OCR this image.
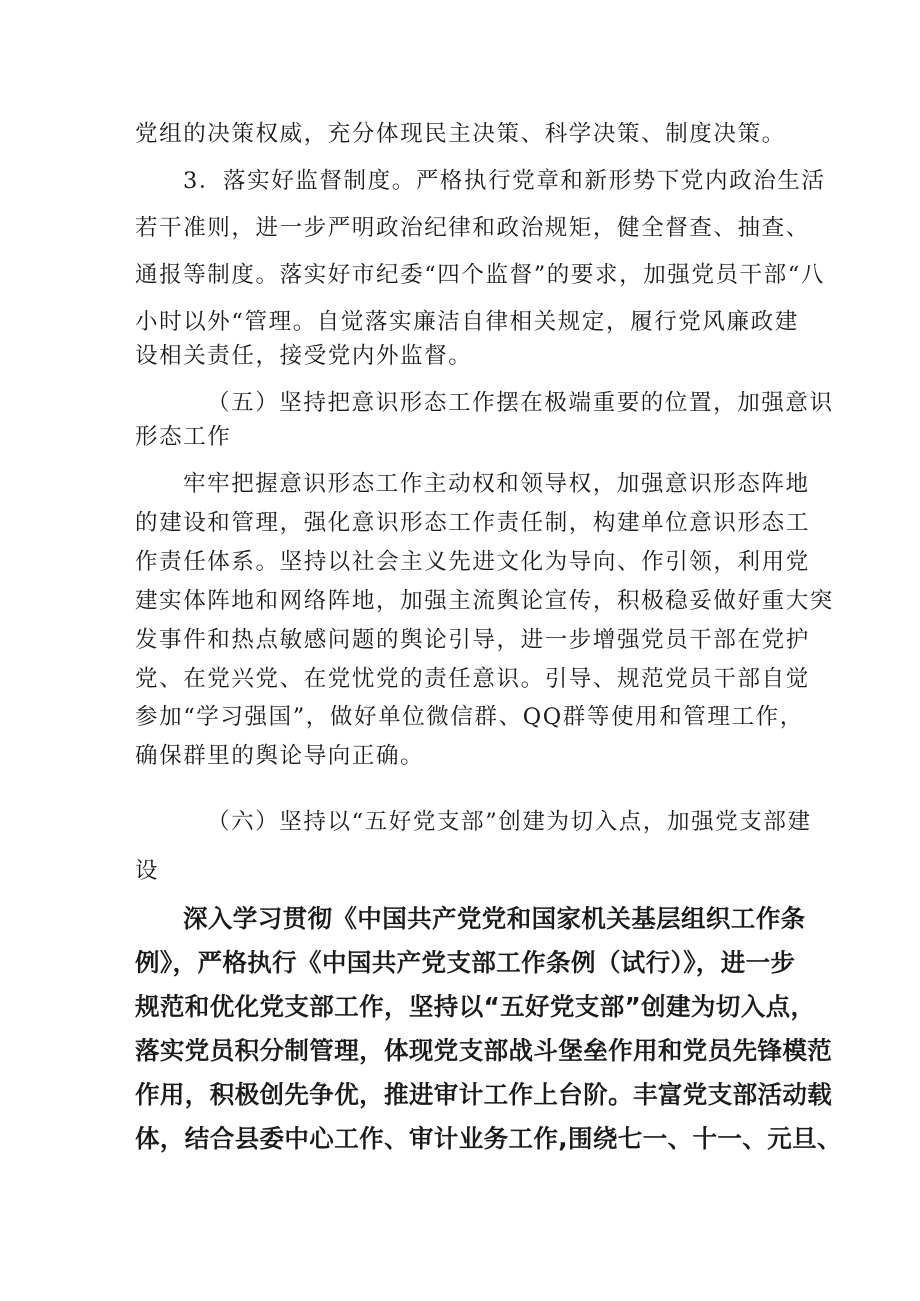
党组的决策权威，充分体现民主决策、科学决策、制度决策。
3．落实好监督制度。严格执行党章和新形势下党内政治生活
若干准则，进一步严明政治纪律和政治规矩，健全督查、抽查、
通报等制度。落实好市纪委“四个监督”的要求，加强党员干部“八
小时以外“管理。自觉落实廉洁自律相关规定，履行党风廉政建
设相关责任，接受党内外监督。
（五）坚持把意识形态工作摆在极端重要的位置，加强意识
形态工作
牢牢把握意识形态工作主动权和领导权，加强意识形态阵地
的建设和管理，强化意识形态工作责任制，构建单位意识形态工
作责任体系。坚持以社会主义先进文化为导向、作引领，利用党
建实体阵地和网络阵地，加强主流舆论宣传，积极稳妥做好重大突
发事件和热点敏感问题的舆论引导，进一步增强党员干部在党护
党、在党兴党、在党忧党的责任意识。引导、规范党员干部自觉
参加“学习强国”，做好单位微信群、QQ群等使用和管理工作，
确保群里的舆论导向正确。
（六）坚持以“五好党支部”创建为切入点，加强党支部建
设
深入学习贯彻《中国共产党党和国家机关基层组织工作条
例》，严格执行《中国共产党支部工作条例（试行）》，进一步
规范和优化党支部工作，坚持以“五好党支部”创建为切入点，
落实党员积分制管理，体现党支部战斗堡垒作用和党员先锋模范
作用，积极创先争优，推进审计工作上台阶。丰富党支部活动载
体，结合县委中心工作、审计业务工作,围绕七一、十一、元旦、
